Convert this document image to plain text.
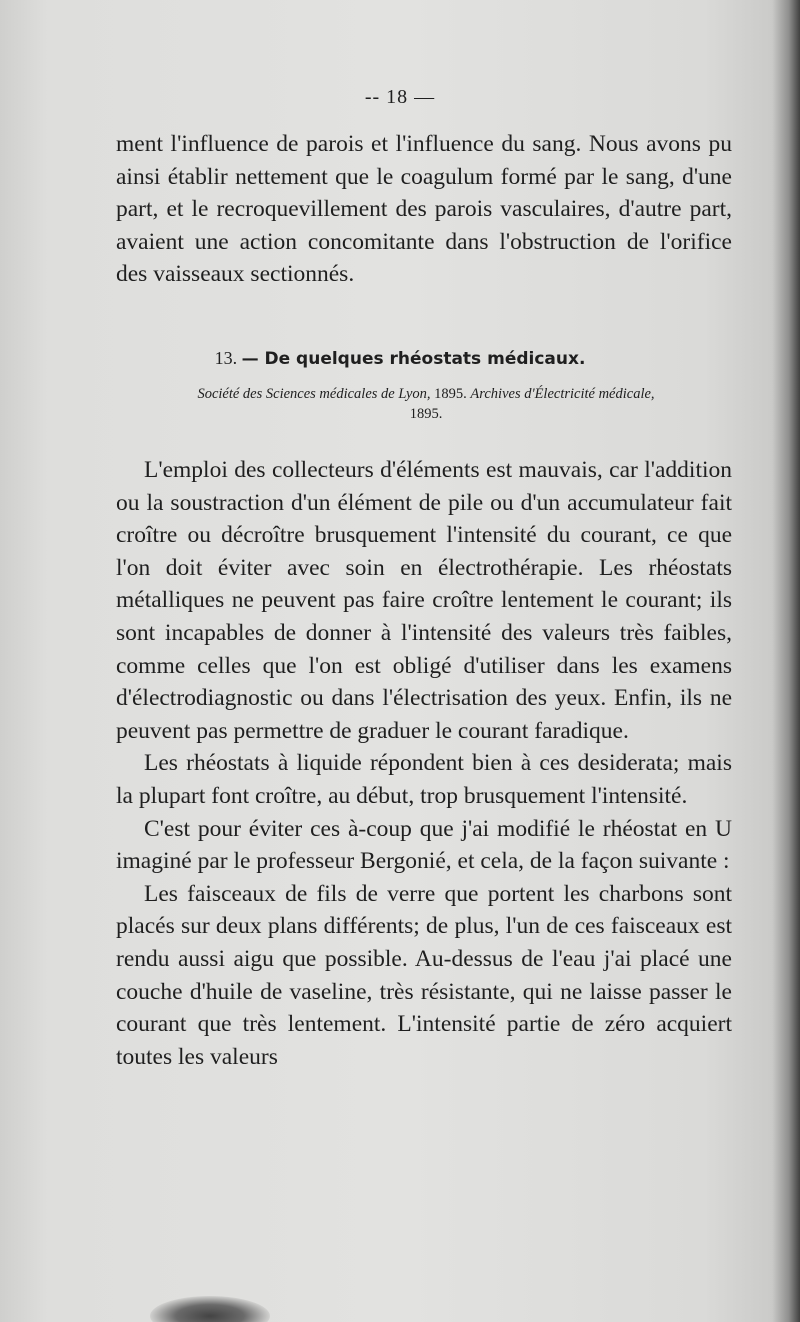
-- 18 —

ment l'influence de parois et l'influence du sang. Nous avons pu ainsi établir nettement que le coagulum formé par le sang, d'une part, et le recroquevillement des parois vasculaires, d'autre part, avaient une action concomitante dans l'obstruction de l'orifice des vaisseaux sectionnés.

13. — De quelques rhéostats médicaux.
Société des Sciences médicales de Lyon, 1895. Archives d'Électricité médicale,
1895.

L'emploi des collecteurs d'éléments est mauvais, car l'addition ou la soustraction d'un élément de pile ou d'un accumulateur fait croître ou décroître brusquement l'intensité du courant, ce que l'on doit éviter avec soin en électrothérapie. Les rhéostats métalliques ne peuvent pas faire croître lentement le courant; ils sont incapables de donner à l'intensité des valeurs très faibles, comme celles que l'on est obligé d'utiliser dans les examens d'électrodiagnostic ou dans l'électrisation des yeux. Enfin, ils ne peuvent pas permettre de graduer le courant faradique.

Les rhéostats à liquide répondent bien à ces desiderata; mais la plupart font croître, au début, trop brusquement l'intensité.

C'est pour éviter ces à-coup que j'ai modifié le rhéostat en U imaginé par le professeur Bergonié, et cela, de la façon suivante :

Les faisceaux de fils de verre que portent les charbons sont placés sur deux plans différents; de plus, l'un de ces faisceaux est rendu aussi aigu que possible. Au-dessus de l'eau j'ai placé une couche d'huile de vaseline, très résistante, qui ne laisse passer le courant que très lentement. L'intensité partie de zéro acquiert toutes les valeurs
